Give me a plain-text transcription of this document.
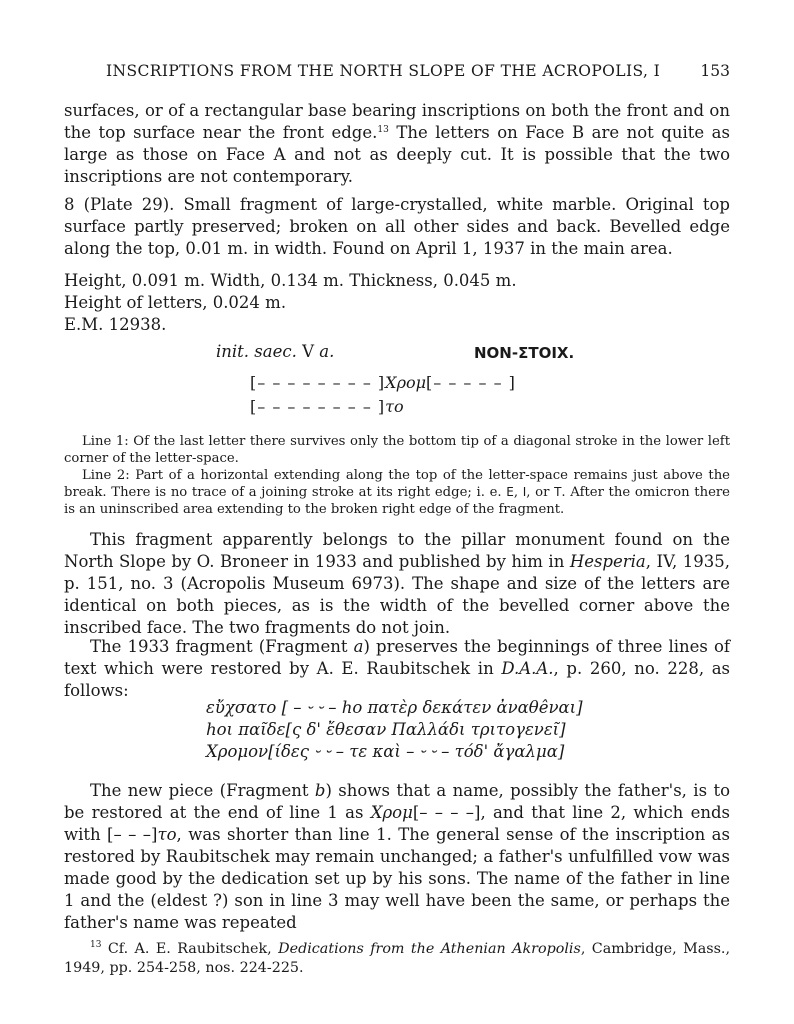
INSCRIPTIONS FROM THE NORTH SLOPE OF THE ACROPOLIS, I	153

surfaces, or of a rectangular base bearing inscriptions on both the front and on the top surface near the front edge.$^{13}$ The letters on Face B are not quite as large as those on Face A and not as deeply cut. It is possible that the two inscriptions are not contemporary.

8 (Plate 29). Small fragment of large-crystalled, white marble. Original top surface partly preserved; broken on all other sides and back. Bevelled edge along the top, 0.01 m. in width. Found on April 1, 1937 in the main area.

Height, 0.091 m. Width, 0.134 m. Thickness, 0.045 m.
Height of letters, 0.024 m.
E.M. 12938.
init. saec. V a.	NON-ΣΤΟΙΧ.
[– – – – – – – – ]Χρομ[– – – – – ]
[– – – – – – – – ]το

Line 1: Of the last letter there survives only the bottom tip of a diagonal stroke in the lower left corner of the letter-space.

Line 2: Part of a horizontal extending along the top of the letter-space remains just above the break. There is no trace of a joining stroke at its right edge; i. e. E, I, or T. After the omicron there is an uninscribed area extending to the broken right edge of the fragment.

This fragment apparently belongs to the pillar monument found on the North Slope by O. Broneer in 1933 and published by him in Hesperia, IV, 1935, p. 151, no. 3 (Acropolis Museum 6973). The shape and size of the letters are identical on both pieces, as is the width of the bevelled corner above the inscribed face. The two fragments do not join.

The 1933 fragment (Fragment a) preserves the beginnings of three lines of text which were restored by A. E. Raubitschek in D.A.A., p. 260, no. 228, as follows:

εὔχσατο [ – ⏑ ⏑ – ℎο πατὲρ δεκάτεν ἀναθêναι]
ℎοι παῖδε[ς δ' ἔθεσαν Παλλάδι τριτογενεῖ]
Χρομον[ίδες ⏑ ⏑ – τε καὶ – ⏑ ⏑ – τόδ' ἄγαλμα]

The new piece (Fragment b) shows that a name, possibly the father's, is to be restored at the end of line 1 as Χρομ[– – – –], and that line 2, which ends with [– – –]το, was shorter than line 1. The general sense of the inscription as restored by Raubitschek may remain unchanged; a father's unfulfilled vow was made good by the dedication set up by his sons. The name of the father in line 1 and the (eldest ?) son in line 3 may well have been the same, or perhaps the father's name was repeated

$^{13}$ Cf. A. E. Raubitschek, Dedications from the Athenian Akropolis, Cambridge, Mass., 1949, pp. 254-258, nos. 224-225.
